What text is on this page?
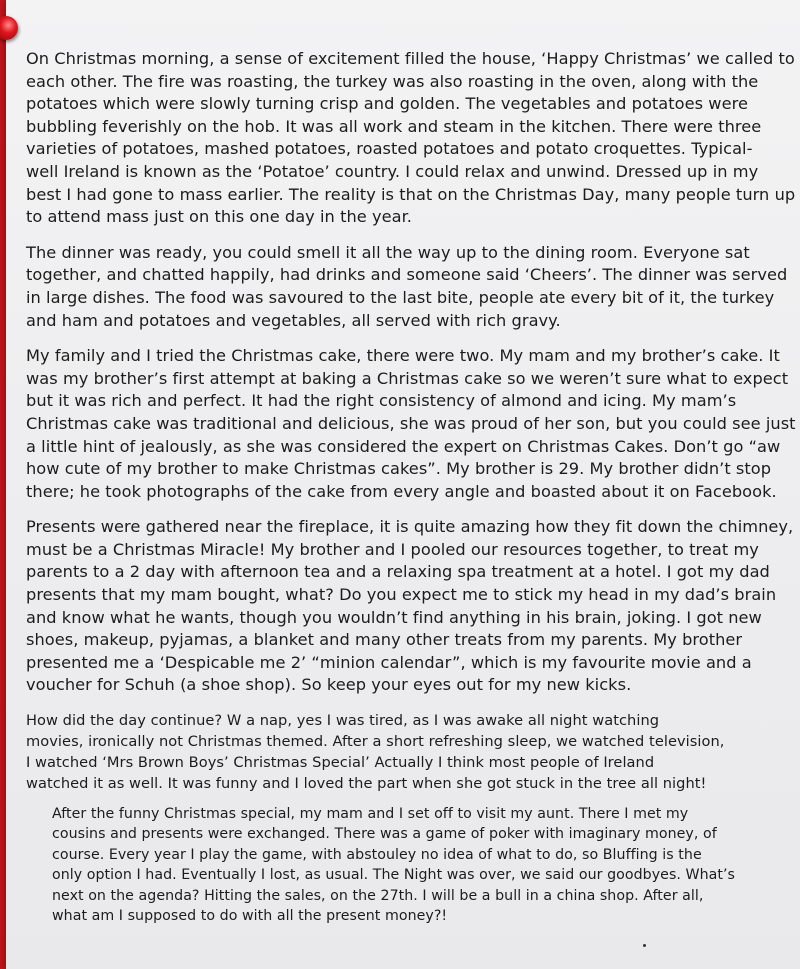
On Christmas morning, a sense of excitement filled the house, ‘Happy Christmas’ we called to
each other. The fire was roasting, the turkey was also roasting in the oven, along with the
potatoes which were slowly turning crisp and golden. The vegetables and potatoes were
bubbling feverishly on the hob. It was all work and steam in the kitchen. There were three
varieties of potatoes, mashed potatoes, roasted potatoes and potato croquettes. Typical-
well Ireland is known as the ‘Potatoe’ country. I could relax and unwind. Dressed up in my
best I had gone to mass earlier. The reality is that on the Christmas Day, many people turn up
to attend mass just on this one day in the year.
The dinner was ready, you could smell it all the way up to the dining room. Everyone sat
together, and chatted happily, had drinks and someone said ‘Cheers’. The dinner was served
in large dishes. The food was savoured to the last bite, people ate every bit of it, the turkey
and ham and potatoes and vegetables, all served with rich gravy.
My family and I tried the Christmas cake, there were two. My mam and my brother’s cake. It
was my brother’s first attempt at baking a Christmas cake so we weren’t sure what to expect
but it was rich and perfect. It had the right consistency of almond and icing. My mam’s
Christmas cake was traditional and delicious, she was proud of her son, but you could see just
a little hint of jealously, as she was considered the expert on Christmas Cakes. Don’t go “aw
how cute of my brother to make Christmas cakes”. My brother is 29. My brother didn’t stop
there; he took photographs of the cake from every angle and boasted about it on Facebook.
Presents were gathered near the fireplace, it is quite amazing how they fit down the chimney,
must be a Christmas Miracle! My brother and I pooled our resources together, to treat my
parents to a 2 day with afternoon tea and a relaxing spa treatment at a hotel. I got my dad
presents that my mam bought, what? Do you expect me to stick my head in my dad’s brain
and know what he wants, though you wouldn’t find anything in his brain, joking. I got new
shoes, makeup, pyjamas, a blanket and many other treats from my parents. My brother
presented me a ‘Despicable me 2’ “minion calendar”, which is my favourite movie and a
voucher for Schuh (a shoe shop). So keep your eyes out for my new kicks.
How did the day continue? W a nap, yes I was tired, as I was awake all night watching
movies, ironically not Christmas themed. After a short refreshing sleep, we watched television,
I watched ‘Mrs Brown Boys’ Christmas Special’ Actually I think most people of Ireland
watched it as well. It was funny and I loved the part when she got stuck in the tree all night!
After the funny Christmas special, my mam and I set off to visit my aunt. There I met my
cousins and presents were exchanged. There was a game of poker with imaginary money, of
course. Every year I play the game, with abstouley no idea of what to do, so Bluffing is the
only option I had. Eventually I lost, as usual. The Night was over, we said our goodbyes. What’s
next on the agenda? Hitting the sales, on the 27th. I will be a bull in a china shop. After all,
what am I supposed to do with all the present money?!
